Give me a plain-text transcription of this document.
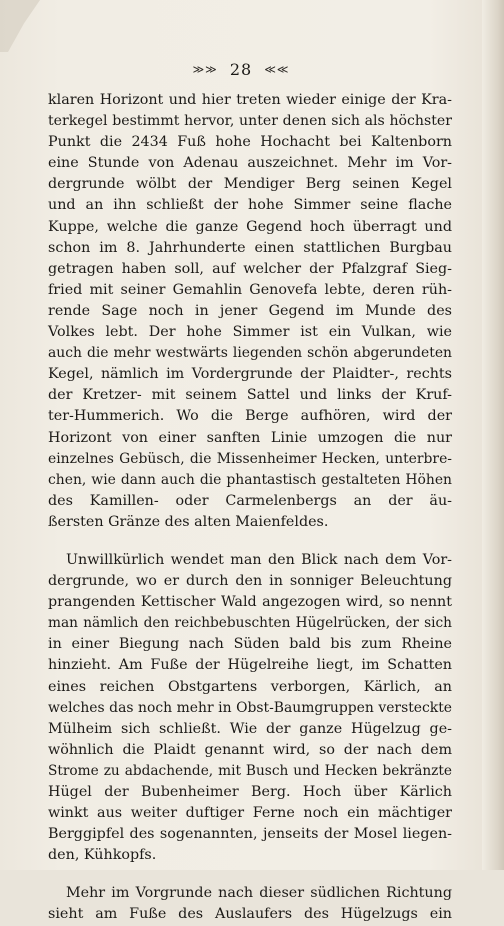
≫≫ 28 ≪≪
klaren Horizont und hier treten wieder einige der Kra-
terkegel bestimmt hervor, unter denen sich als höchster
Punkt die 2434 Fuß hohe Hochacht bei Kaltenborn
eine Stunde von Adenau auszeichnet. Mehr im Vor-
dergrunde wölbt der Mendiger Berg seinen Kegel
und an ihn schließt der hohe Simmer seine flache
Kuppe, welche die ganze Gegend hoch überragt und
schon im 8. Jahrhunderte einen stattlichen Burgbau
getragen haben soll, auf welcher der Pfalzgraf Sieg-
fried mit seiner Gemahlin Genovefa lebte, deren rüh-
rende Sage noch in jener Gegend im Munde des
Volkes lebt. Der hohe Simmer ist ein Vulkan, wie
auch die mehr westwärts liegenden schön abgerundeten
Kegel, nämlich im Vordergrunde der Plaidter-, rechts
der Kretzer- mit seinem Sattel und links der Kruf-
ter-Hummerich. Wo die Berge aufhören, wird der
Horizont von einer sanften Linie umzogen die nur
einzelnes Gebüsch, die Missenheimer Hecken, unterbre-
chen, wie dann auch die phantastisch gestalteten Höhen
des Kamillen- oder Carmelenbergs an der äu-
ßersten Gränze des alten Maienfeldes.
Unwillkürlich wendet man den Blick nach dem Vor-
dergrunde, wo er durch den in sonniger Beleuchtung
prangenden Kettischer Wald angezogen wird, so nennt
man nämlich den reichbebuschten Hügelrücken, der sich
in einer Biegung nach Süden bald bis zum Rheine
hinzieht. Am Fuße der Hügelreihe liegt, im Schatten
eines reichen Obstgartens verborgen, Kärlich, an
welches das noch mehr in Obst-Baumgruppen versteckte
Mülheim sich schließt. Wie der ganze Hügelzug ge-
wöhnlich die Plaidt genannt wird, so der nach dem
Strome zu abdachende, mit Busch und Hecken bekränzte
Hügel der Bubenheimer Berg. Hoch über Kärlich
winkt aus weiter duftiger Ferne noch ein mächtiger
Berggipfel des sogenannten, jenseits der Mosel liegen-
den, Kühkopfs.
Mehr im Vorgrunde nach dieser südlichen Richtung
sieht am Fuße des Auslaufers des Hügelzugs ein
